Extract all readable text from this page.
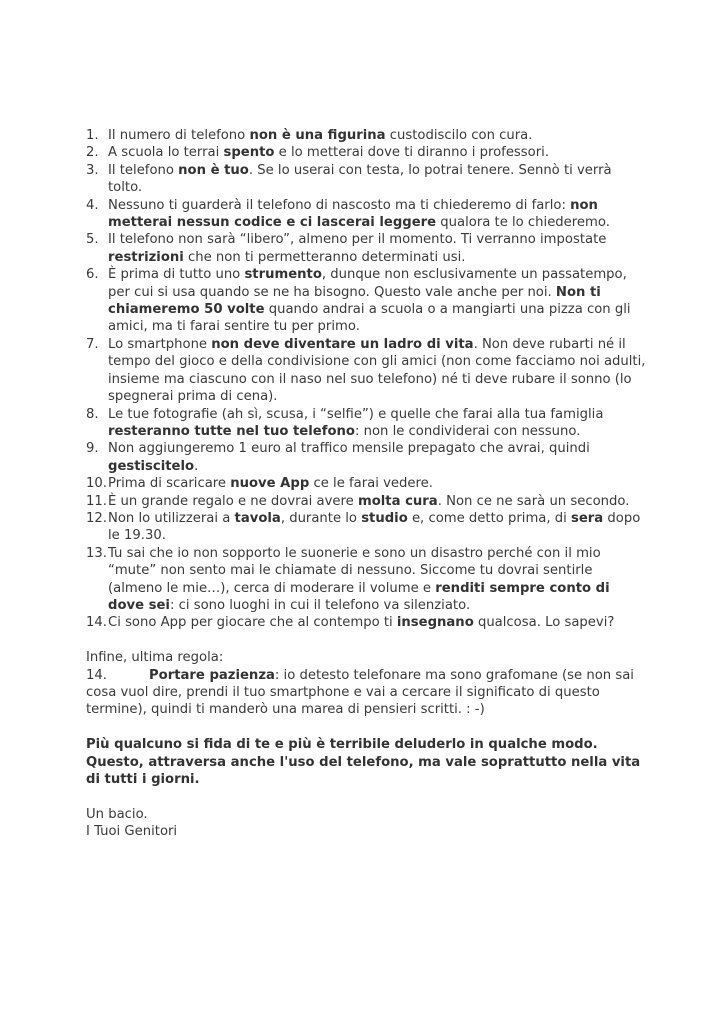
1. Il numero di telefono non è una figurina custodiscilo con cura.
2. A scuola lo terrai spento e lo metterai dove ti diranno i professori.
3. Il telefono non è tuo. Se lo userai con testa, lo potrai tenere. Sennò ti verrà tolto.
4. Nessuno ti guarderà il telefono di nascosto ma ti chiederemo di farlo: non metterai nessun codice e ci lascerai leggere qualora te lo chiederemo.
5. Il telefono non sarà “libero”, almeno per il momento. Ti verranno impostate restrizioni che non ti permetteranno determinati usi.
6. È prima di tutto uno strumento, dunque non esclusivamente un passatempo, per cui si usa quando se ne ha bisogno. Questo vale anche per noi. Non ti chiameremo 50 volte quando andrai a scuola o a mangiarti una pizza con gli amici, ma ti farai sentire tu per primo.
7. Lo smartphone non deve diventare un ladro di vita. Non deve rubarti né il tempo del gioco e della condivisione con gli amici (non come facciamo noi adulti, insieme ma ciascuno con il naso nel suo telefono) né ti deve rubare il sonno (lo spegnerai prima di cena).
8. Le tue fotografie (ah sì, scusa, i “selfie”) e quelle che farai alla tua famiglia resteranno tutte nel tuo telefono: non le condividerai con nessuno.
9. Non aggiungeremo 1 euro al traffico mensile prepagato che avrai, quindi gestiscitelo.
10. Prima di scaricare nuove App ce le farai vedere.
11. È un grande regalo e ne dovrai avere molta cura. Non ce ne sarà un secondo.
12. Non lo utilizzerai a tavola, durante lo studio e, come detto prima, di sera dopo le 19.30.
13. Tu sai che io non sopporto le suonerie e sono un disastro perché con il mio “mute” non sento mai le chiamate di nessuno. Siccome tu dovrai sentirle (almeno le mie…), cerca di moderare il volume e renditi sempre conto di dove sei: ci sono luoghi in cui il telefono va silenziato.
14. Ci sono App per giocare che al contempo ti insegnano qualcosa. Lo sapevi?
Infine, ultima regola:
14.	Portare pazienza: io detesto telefonare ma sono grafomane (se non sai cosa vuol dire, prendi il tuo smartphone e vai a cercare il significato di questo termine), quindi ti manderò una marea di pensieri scritti. : -)
Più qualcuno si fida di te e più è terribile deluderlo in qualche modo. Questo, attraversa anche l'uso del telefono, ma vale soprattutto nella vita di tutti i giorni.
Un bacio.
I Tuoi Genitori
